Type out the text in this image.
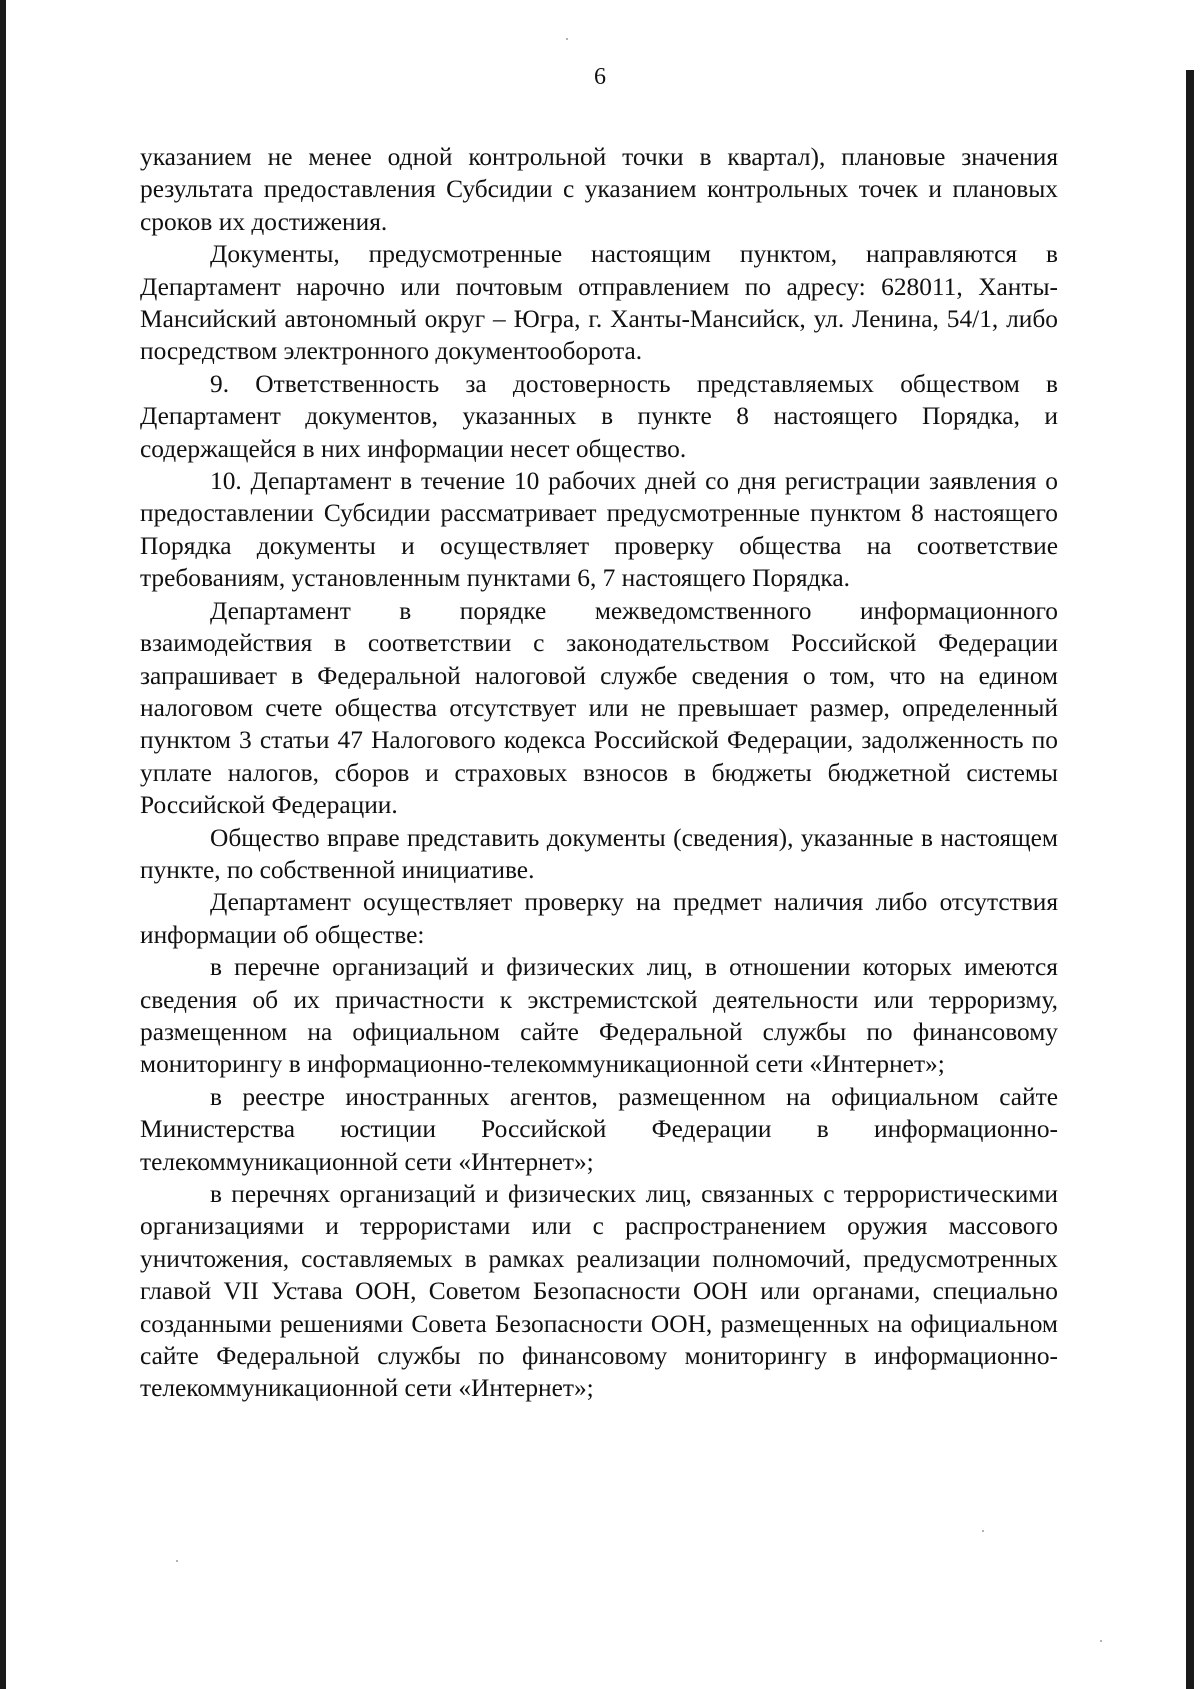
6

указанием не менее одной контрольной точки в квартал), плановые значения результата предоставления Субсидии с указанием контрольных точек и плановых сроков их достижения.

Документы, предусмотренные настоящим пунктом, направляются в Департамент нарочно или почтовым отправлением по адресу: 628011, Ханты-Мансийский автономный округ – Югра, г. Ханты-Мансийск, ул. Ленина, 54/1, либо посредством электронного документооборота.

9. Ответственность за достоверность представляемых обществом в Департамент документов, указанных в пункте 8 настоящего Порядка, и содержащейся в них информации несет общество.

10. Департамент в течение 10 рабочих дней со дня регистрации заявления о предоставлении Субсидии рассматривает предусмотренные пунктом 8 настоящего Порядка документы и осуществляет проверку общества на соответствие требованиям, установленным пунктами 6, 7 настоящего Порядка.

Департамент в порядке межведомственного информационного взаимодействия в соответствии с законодательством Российской Федерации запрашивает в Федеральной налоговой службе сведения о том, что на едином налоговом счете общества отсутствует или не превышает размер, определенный пунктом 3 статьи 47 Налогового кодекса Российской Федерации, задолженность по уплате налогов, сборов и страховых взносов в бюджеты бюджетной системы Российской Федерации.

Общество вправе представить документы (сведения), указанные в настоящем пункте, по собственной инициативе.

Департамент осуществляет проверку на предмет наличия либо отсутствия информации об обществе:

в перечне организаций и физических лиц, в отношении которых имеются сведения об их причастности к экстремистской деятельности или терроризму, размещенном на официальном сайте Федеральной службы по финансовому мониторингу в информационно-телекоммуникационной сети «Интернет»;

в реестре иностранных агентов, размещенном на официальном сайте Министерства юстиции Российской Федерации в информационно-телекоммуникационной сети «Интернет»;

в перечнях организаций и физических лиц, связанных с террористическими организациями и террористами или с распространением оружия массового уничтожения, составляемых в рамках реализации полномочий, предусмотренных главой VII Устава ООН, Советом Безопасности ООН или органами, специально созданными решениями Совета Безопасности ООН, размещенных на официальном сайте Федеральной службы по финансовому мониторингу в информационно-телекоммуникационной сети «Интернет»;
